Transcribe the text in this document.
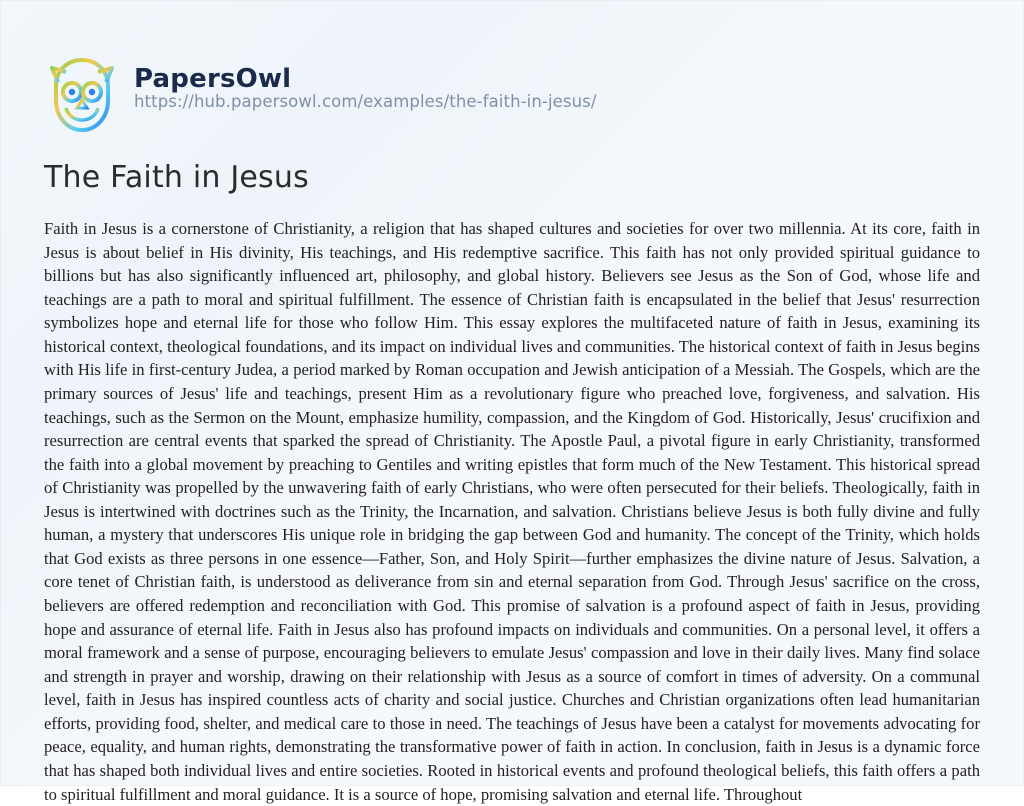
PapersOwl
https://hub.papersowl.com/examples/the-faith-in-jesus/
The Faith in Jesus

Faith in Jesus is a cornerstone of Christianity, a religion that has shaped cultures and societies for over two millennia. At its core, faith in Jesus is about belief in His divinity, His teachings, and His redemptive sacrifice. This faith has not only provided spiritual guidance to billions but has also significantly influenced art, philosophy, and global history. Believers see Jesus as the Son of God, whose life and teachings are a path to moral and spiritual fulfillment. The essence of Christian faith is encapsulated in the belief that Jesus' resurrection symbolizes hope and eternal life for those who follow Him. This essay explores the multifaceted nature of faith in Jesus, examining its historical context, theological foundations, and its impact on individual lives and communities. The historical context of faith in Jesus begins with His life in first-century Judea, a period marked by Roman occupation and Jewish anticipation of a Messiah. The Gospels, which are the primary sources of Jesus' life and teachings, present Him as a revolutionary figure who preached love, forgiveness, and salvation. His teachings, such as the Sermon on the Mount, emphasize humility, compassion, and the Kingdom of God. Historically, Jesus' crucifixion and resurrection are central events that sparked the spread of Christianity. The Apostle Paul, a pivotal figure in early Christianity, transformed the faith into a global movement by preaching to Gentiles and writing epistles that form much of the New Testament. This historical spread of Christianity was propelled by the unwavering faith of early Christians, who were often persecuted for their beliefs. Theologically, faith in Jesus is intertwined with doctrines such as the Trinity, the Incarnation, and salvation. Christians believe Jesus is both fully divine and fully human, a mystery that underscores His unique role in bridging the gap between God and humanity. The concept of the Trinity, which holds that God exists as three persons in one essence—Father, Son, and Holy Spirit—further emphasizes the divine nature of Jesus. Salvation, a core tenet of Christian faith, is understood as deliverance from sin and eternal separation from God. Through Jesus' sacrifice on the cross, believers are offered redemption and reconciliation with God. This promise of salvation is a profound aspect of faith in Jesus, providing hope and assurance of eternal life. Faith in Jesus also has profound impacts on individuals and communities. On a personal level, it offers a moral framework and a sense of purpose, encouraging believers to emulate Jesus' compassion and love in their daily lives. Many find solace and strength in prayer and worship, drawing on their relationship with Jesus as a source of comfort in times of adversity. On a communal level, faith in Jesus has inspired countless acts of charity and social justice. Churches and Christian organizations often lead humanitarian efforts, providing food, shelter, and medical care to those in need. The teachings of Jesus have been a catalyst for movements advocating for peace, equality, and human rights, demonstrating the transformative power of faith in action. In conclusion, faith in Jesus is a dynamic force that has shaped both individual lives and entire societies. Rooted in historical events and profound theological beliefs, this faith offers a path to spiritual fulfillment and moral guidance. It is a source of hope, promising salvation and eternal life. Throughout
